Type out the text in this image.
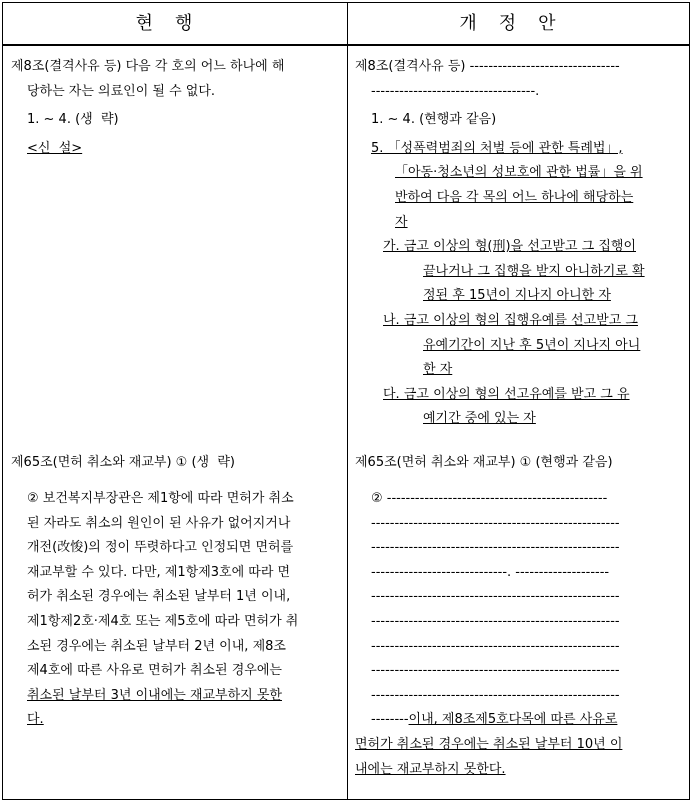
현행	개정안
제8조(결격사유 등) 다음 각 호의 어느 하나에 해
당하는 자는 의료인이 될 수 없다.
1. ~ 4. (생  략)
<신  설>
제65조(면허 취소와 재교부) ① (생  략)
② 보건복지부장관은 제1항에 따라 면허가 취소
된 자라도 취소의 원인이 된 사유가 없어지거나
개전(改悛)의 정이 뚜렷하다고 인정되면 면허를
재교부할 수 있다. 다만, 제1항제3호에 따라 면
허가 취소된 경우에는 취소된 날부터 1년 이내,
제1항제2호·제4호 또는 제5호에 따라 면허가 취
소된 경우에는 취소된 날부터 2년 이내, 제8조
제4호에 따른 사유로 면허가 취소된 경우에는
취소된 날부터 3년 이내에는 재교부하지 못한
다.
제8조(결격사유 등) --------------------------------
-----------------------------------.
1. ~ 4. (현행과 같음)
5. 「성폭력범죄의 처벌 등에 관한 특례법」,
「아동·청소년의 성보호에 관한 법률」을 위
반하여 다음 각 목의 어느 하나에 해당하는
자
가. 금고 이상의 형(刑)을 선고받고 그 집행이
끝나거나 그 집행을 받지 아니하기로 확
정된 후 15년이 지나지 아니한 자
나. 금고 이상의 형의 집행유예를 선고받고 그
유예기간이 지난 후 5년이 지나지 아니
한 자
다. 금고 이상의 형의 선고유예를 받고 그 유
예기간 중에 있는 자
제65조(면허 취소와 재교부) ① (현행과 같음)
② -----------------------------------------------
-----------------------------------------------------
-----------------------------------------------------
-----------------------------. --------------------
-----------------------------------------------------
-----------------------------------------------------
-----------------------------------------------------
-----------------------------------------------------
-----------------------------------------------------
--------이내, 제8조제5호다목에 따른 사유로
면허가 취소된 경우에는 취소된 날부터 10년 이
내에는 재교부하지 못한다.
